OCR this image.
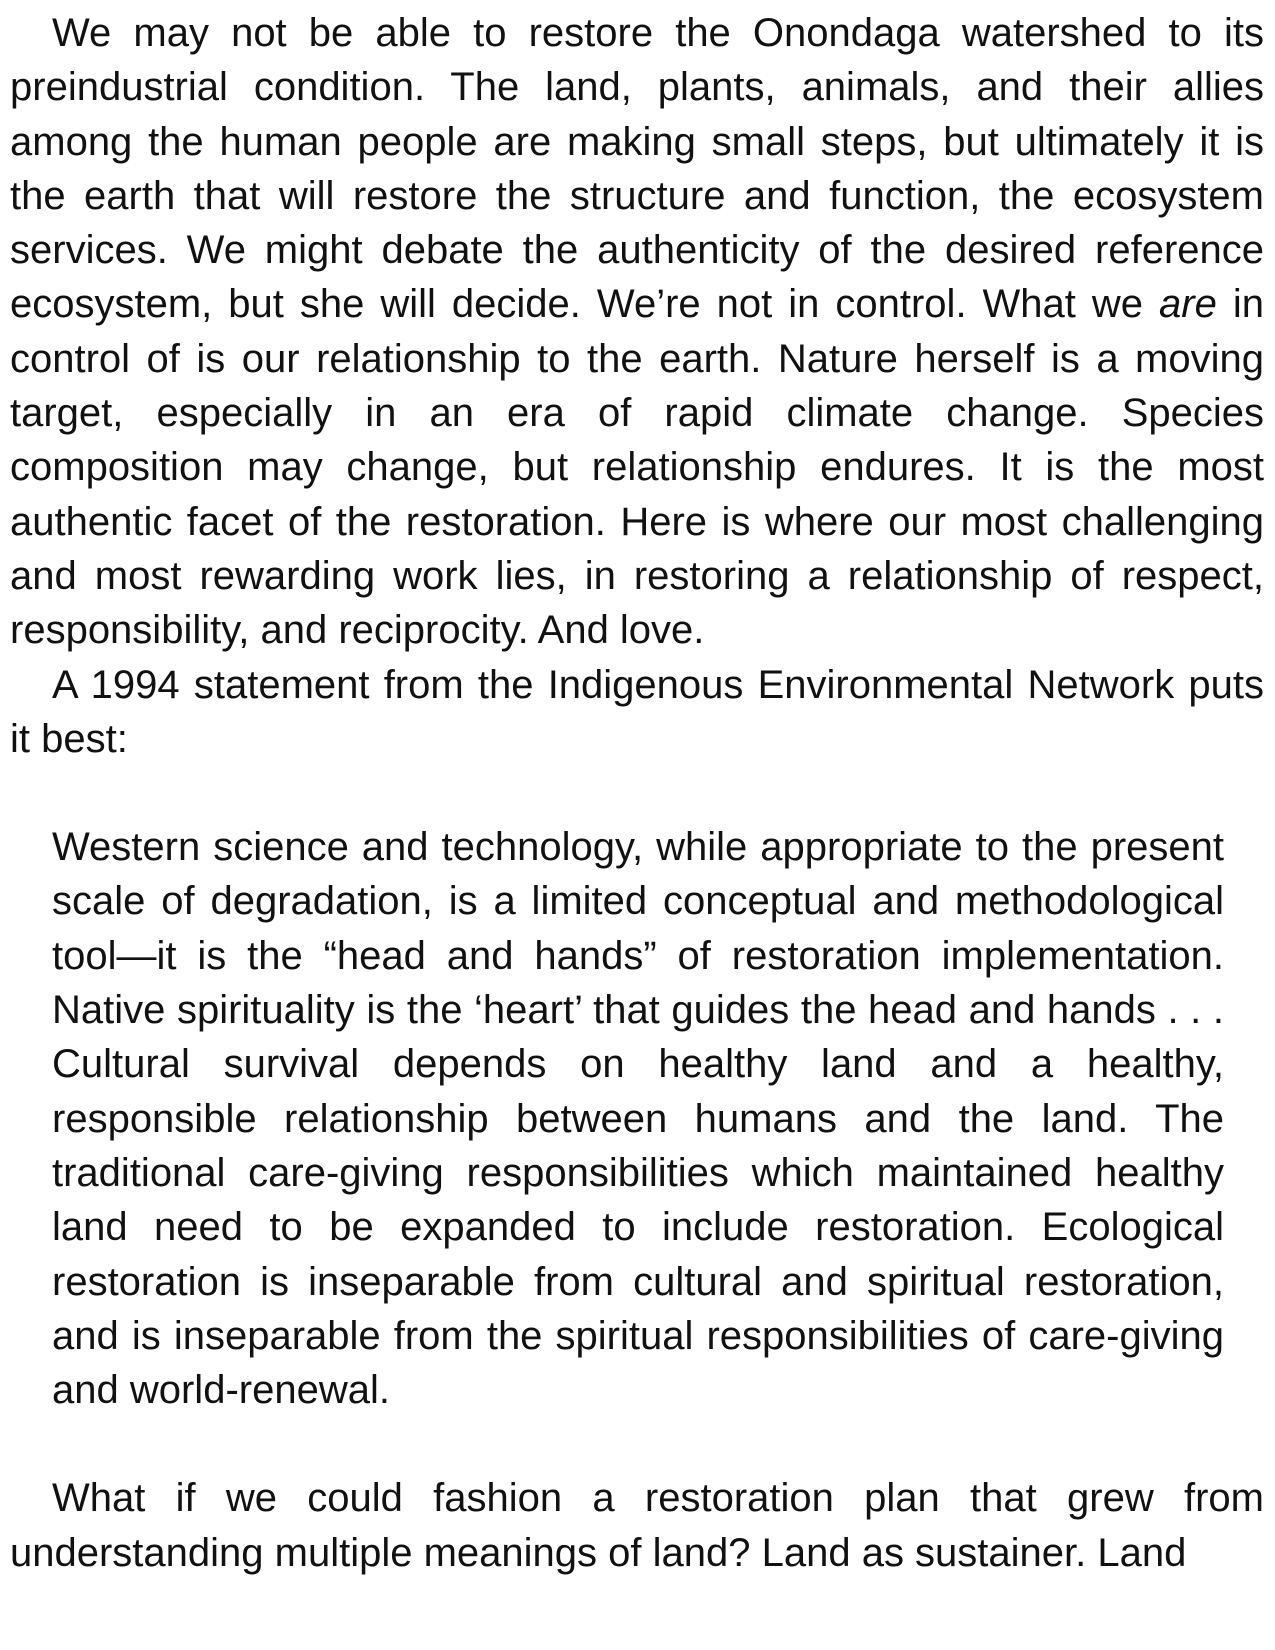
We may not be able to restore the Onondaga watershed to its preindustrial condition. The land, plants, animals, and their allies among the human people are making small steps, but ultimately it is the earth that will restore the structure and function, the ecosystem services. We might debate the authenticity of the desired reference ecosystem, but she will decide. We’re not in control. What we are in control of is our relationship to the earth. Nature herself is a moving target, especially in an era of rapid climate change. Species composition may change, but relationship endures. It is the most authentic facet of the restoration. Here is where our most challenging and most rewarding work lies, in restoring a relationship of respect, responsibility, and reciprocity. And love.

A 1994 statement from the Indigenous Environmental Network puts it best:

Western science and technology, while appropriate to the present scale of degradation, is a limited conceptual and methodological tool—it is the “head and hands” of restoration implementation. Native spirituality is the ‘heart’ that guides the head and hands . . . Cultural survival depends on healthy land and a healthy, responsible relationship between humans and the land. The traditional care-giving responsibilities which maintained healthy land need to be expanded to include restoration. Ecological restoration is inseparable from cultural and spiritual restoration, and is inseparable from the spiritual responsibilities of care-giving and world-renewal.

What if we could fashion a restoration plan that grew from understanding multiple meanings of land? Land as sustainer. Land
